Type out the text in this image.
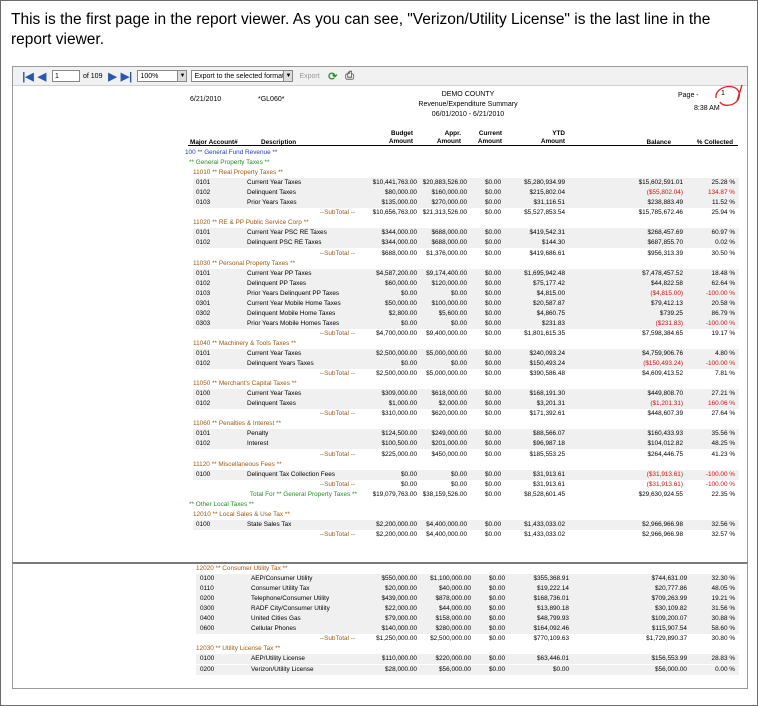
This is the first page in the report viewer. As you can see, "Verizon/Utility License" is the last line in the report viewer.
|◀ ◀
1	of 109 ▶ ▶| 100%	▼ Export to the selected format ▼ Export ⟳ ⎙
6/21/2010	*GL060*
DEMO COUNTY
Revenue/Expenditure Summary
06/01/2010 - 6/21/2010
Page -	1
8:38 AM
Major Account#	Description
Budget
Amount
Appr.
Amount
Current
Amount
YTD
Amount	Balance	% Collected
100 ** General Fund Revenue **
** General Property Taxes **
11010 ** Real Property Taxes **
0101	Current Year Taxes	$10,441,763.00 $20,883,526.00	$0.00	$5,280,934.99	$15,602,591.01	25.28 %
0102	Delinquent Taxes	$80,000.00	$160,000.00	$0.00	$215,802.04	($55,802.04)	134.87 %
0103	Prior Years Taxes	$135,000.00	$270,000.00	$0.00	$31,116.51	$238,883.49	11.52 %
--SubTotal --	$10,656,763.00 $21,313,526.00	$0.00	$5,527,853.54	$15,785,672.46	25.94 %
11020 ** RE & PP Public Service Corp **
0101	Current Year PSC RE Taxes	$344,000.00	$688,000.00	$0.00	$419,542.31	$268,457.69	60.97 %
0102	Delinquent PSC RE Taxes	$344,000.00	$688,000.00	$0.00	$144.30	$687,855.70	0.02 %
--SubTotal --	$688,000.00	$1,376,000.00	$0.00	$419,686.61	$956,313.39	30.50 %
11030 ** Personal Property Taxes **
0101	Current Year PP Taxes	$4,587,200.00	$9,174,400.00	$0.00	$1,695,942.48	$7,478,457.52	18.48 %
0102	Delinquent PP Taxes	$60,000.00	$120,000.00	$0.00	$75,177.42	$44,822.58	62.64 %
0103	Prior Years Delinquent PP Taxes	$0.00	$0.00	$0.00	$4,815.00	($4,815.00)	-100.00 %
0301	Current Year Mobile Home Taxes	$50,000.00	$100,000.00	$0.00	$20,587.87	$79,412.13	20.58 %
0302	Delinquent Mobile Home Taxes	$2,800.00	$5,600.00	$0.00	$4,860.75	$739.25	86.79 %
0303	Prior Years Mobile Homes Taxes	$0.00	$0.00	$0.00	$231.83	($231.83)	-100.00 %
--SubTotal --	$4,700,000.00	$9,400,000.00	$0.00	$1,801,615.35	$7,598,384.65	19.17 %
11040 ** Machinery & Tools Taxes **
0101	Current Year Taxes	$2,500,000.00	$5,000,000.00	$0.00	$240,093.24	$4,759,906.76	4.80 %
0102	Delinquent Years Taxes	$0.00	$0.00	$0.00	$150,493.24	($150,493.24)	-100.00 %
--SubTotal --	$2,500,000.00	$5,000,000.00	$0.00	$390,586.48	$4,609,413.52	7.81 %
11050 ** Merchant's Capital Taxes **
0100	Current Year Taxes	$309,000.00	$618,000.00	$0.00	$168,191.30	$449,808.70	27.21 %
0102	Delinquent Taxes	$1,000.00	$2,000.00	$0.00	$3,201.31	($1,201.31)	160.06 %
--SubTotal --	$310,000.00	$620,000.00	$0.00	$171,392.61	$448,607.39	27.64 %
11060 ** Penalties & Interest **
0101	Penalty	$124,500.00	$249,000.00	$0.00	$88,566.07	$160,433.93	35.56 %
0102	Interest	$100,500.00	$201,000.00	$0.00	$96,987.18	$104,012.82	48.25 %
--SubTotal --	$225,000.00	$450,000.00	$0.00	$185,553.25	$264,446.75	41.23 %
11120 ** Miscellaneous Fees **
0100	Delinquent Tax Collection Fees	$0.00	$0.00	$0.00	$31,913.61	($31,913.61)	-100.00 %
--SubTotal --	$0.00	$0.00	$0.00	$31,913.61	($31,913.61)	-100.00 %
Total For ** General Property Taxes **	$19,079,763.00 $38,159,526.00	$0.00	$8,528,601.45	$29,630,924.55	22.35 %
** Other Local Taxes **
12010 ** Local Sales & Use Tax **
0100	State Sales Tax	$2,200,000.00	$4,400,000.00	$0.00	$1,433,033.02	$2,966,966.98	32.56 %
--SubTotal --	$2,200,000.00	$4,400,000.00	$0.00	$1,433,033.02	$2,966,966.98	32.57 %
12020 ** Consumer Utility Tax **
0100	AEP/Consumer Utility	$550,000.00	$1,100,000.00	$0.00	$355,368.91	$744,631.09	32.30 %
0110	Consumer Utility Tax	$20,000.00	$40,000.00	$0.00	$19,222.14	$20,777.86	48.05 %
0200	Telephone/Consumer Utility	$439,000.00	$878,000.00	$0.00	$168,736.01	$709,263.99	19.21 %
0300	RADF City/Consumer Utility	$22,000.00	$44,000.00	$0.00	$13,890.18	$30,109.82	31.56 %
0400	United Cities Gas	$79,000.00	$158,000.00	$0.00	$48,799.93	$109,200.07	30.88 %
0600	Cellular Phones	$140,000.00	$280,000.00	$0.00	$164,092.46	$115,907.54	58.60 %
--SubTotal --	$1,250,000.00	$2,500,000.00	$0.00	$770,109.63	$1,729,890.37	30.80 %
12030 ** Utility License Tax **
0100	AEP/Utility License	$110,000.00	$220,000.00	$0.00	$63,446.01	$156,553.99	28.83 %
0200	Verizon/Utility License	$28,000.00	$56,000.00	$0.00	$0.00	$56,000.00	0.00 %
